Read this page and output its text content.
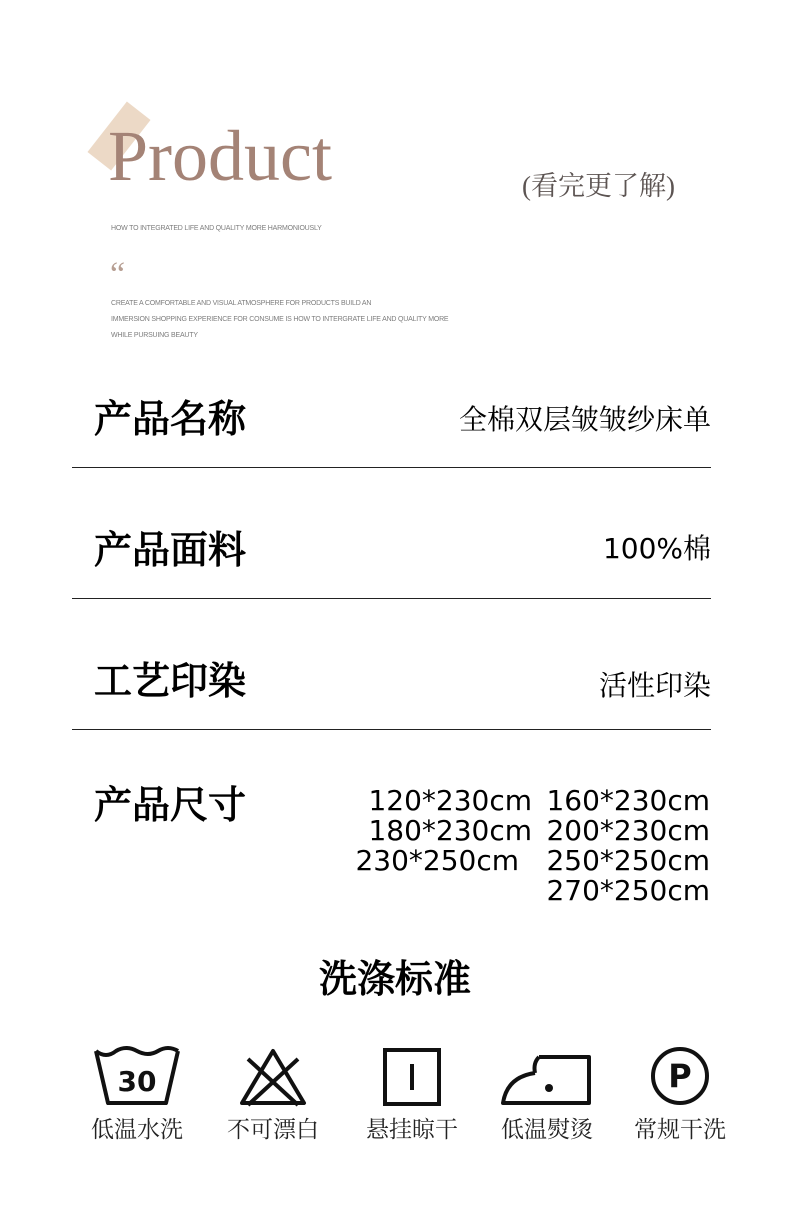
Product	(看完更了解)
HOW TO INTEGRATED LIFE AND QUALITY MORE HARMONIOUSLY
“
CREATE A COMFORTABLE AND VISUAL ATMOSPHERE FOR PRODUCTS BUILD AN
IMMERSION SHOPPING EXPERIENCE FOR CONSUME IS HOW TO INTERGRATE LIFE AND QUALITY MORE
WHILE PURSUING BEAUTY
产品名称	全棉双层皱皱纱床单
产品面料	100%棉
工艺印染	活性印染
产品尺寸	120*230cm 160*230cm
180*230cm 200*230cm
230*250cm 250*250cm
270*250cm
洗涤标准
30
低温水洗	不可漂白	悬挂晾干	低温熨烫
P
常规干洗
